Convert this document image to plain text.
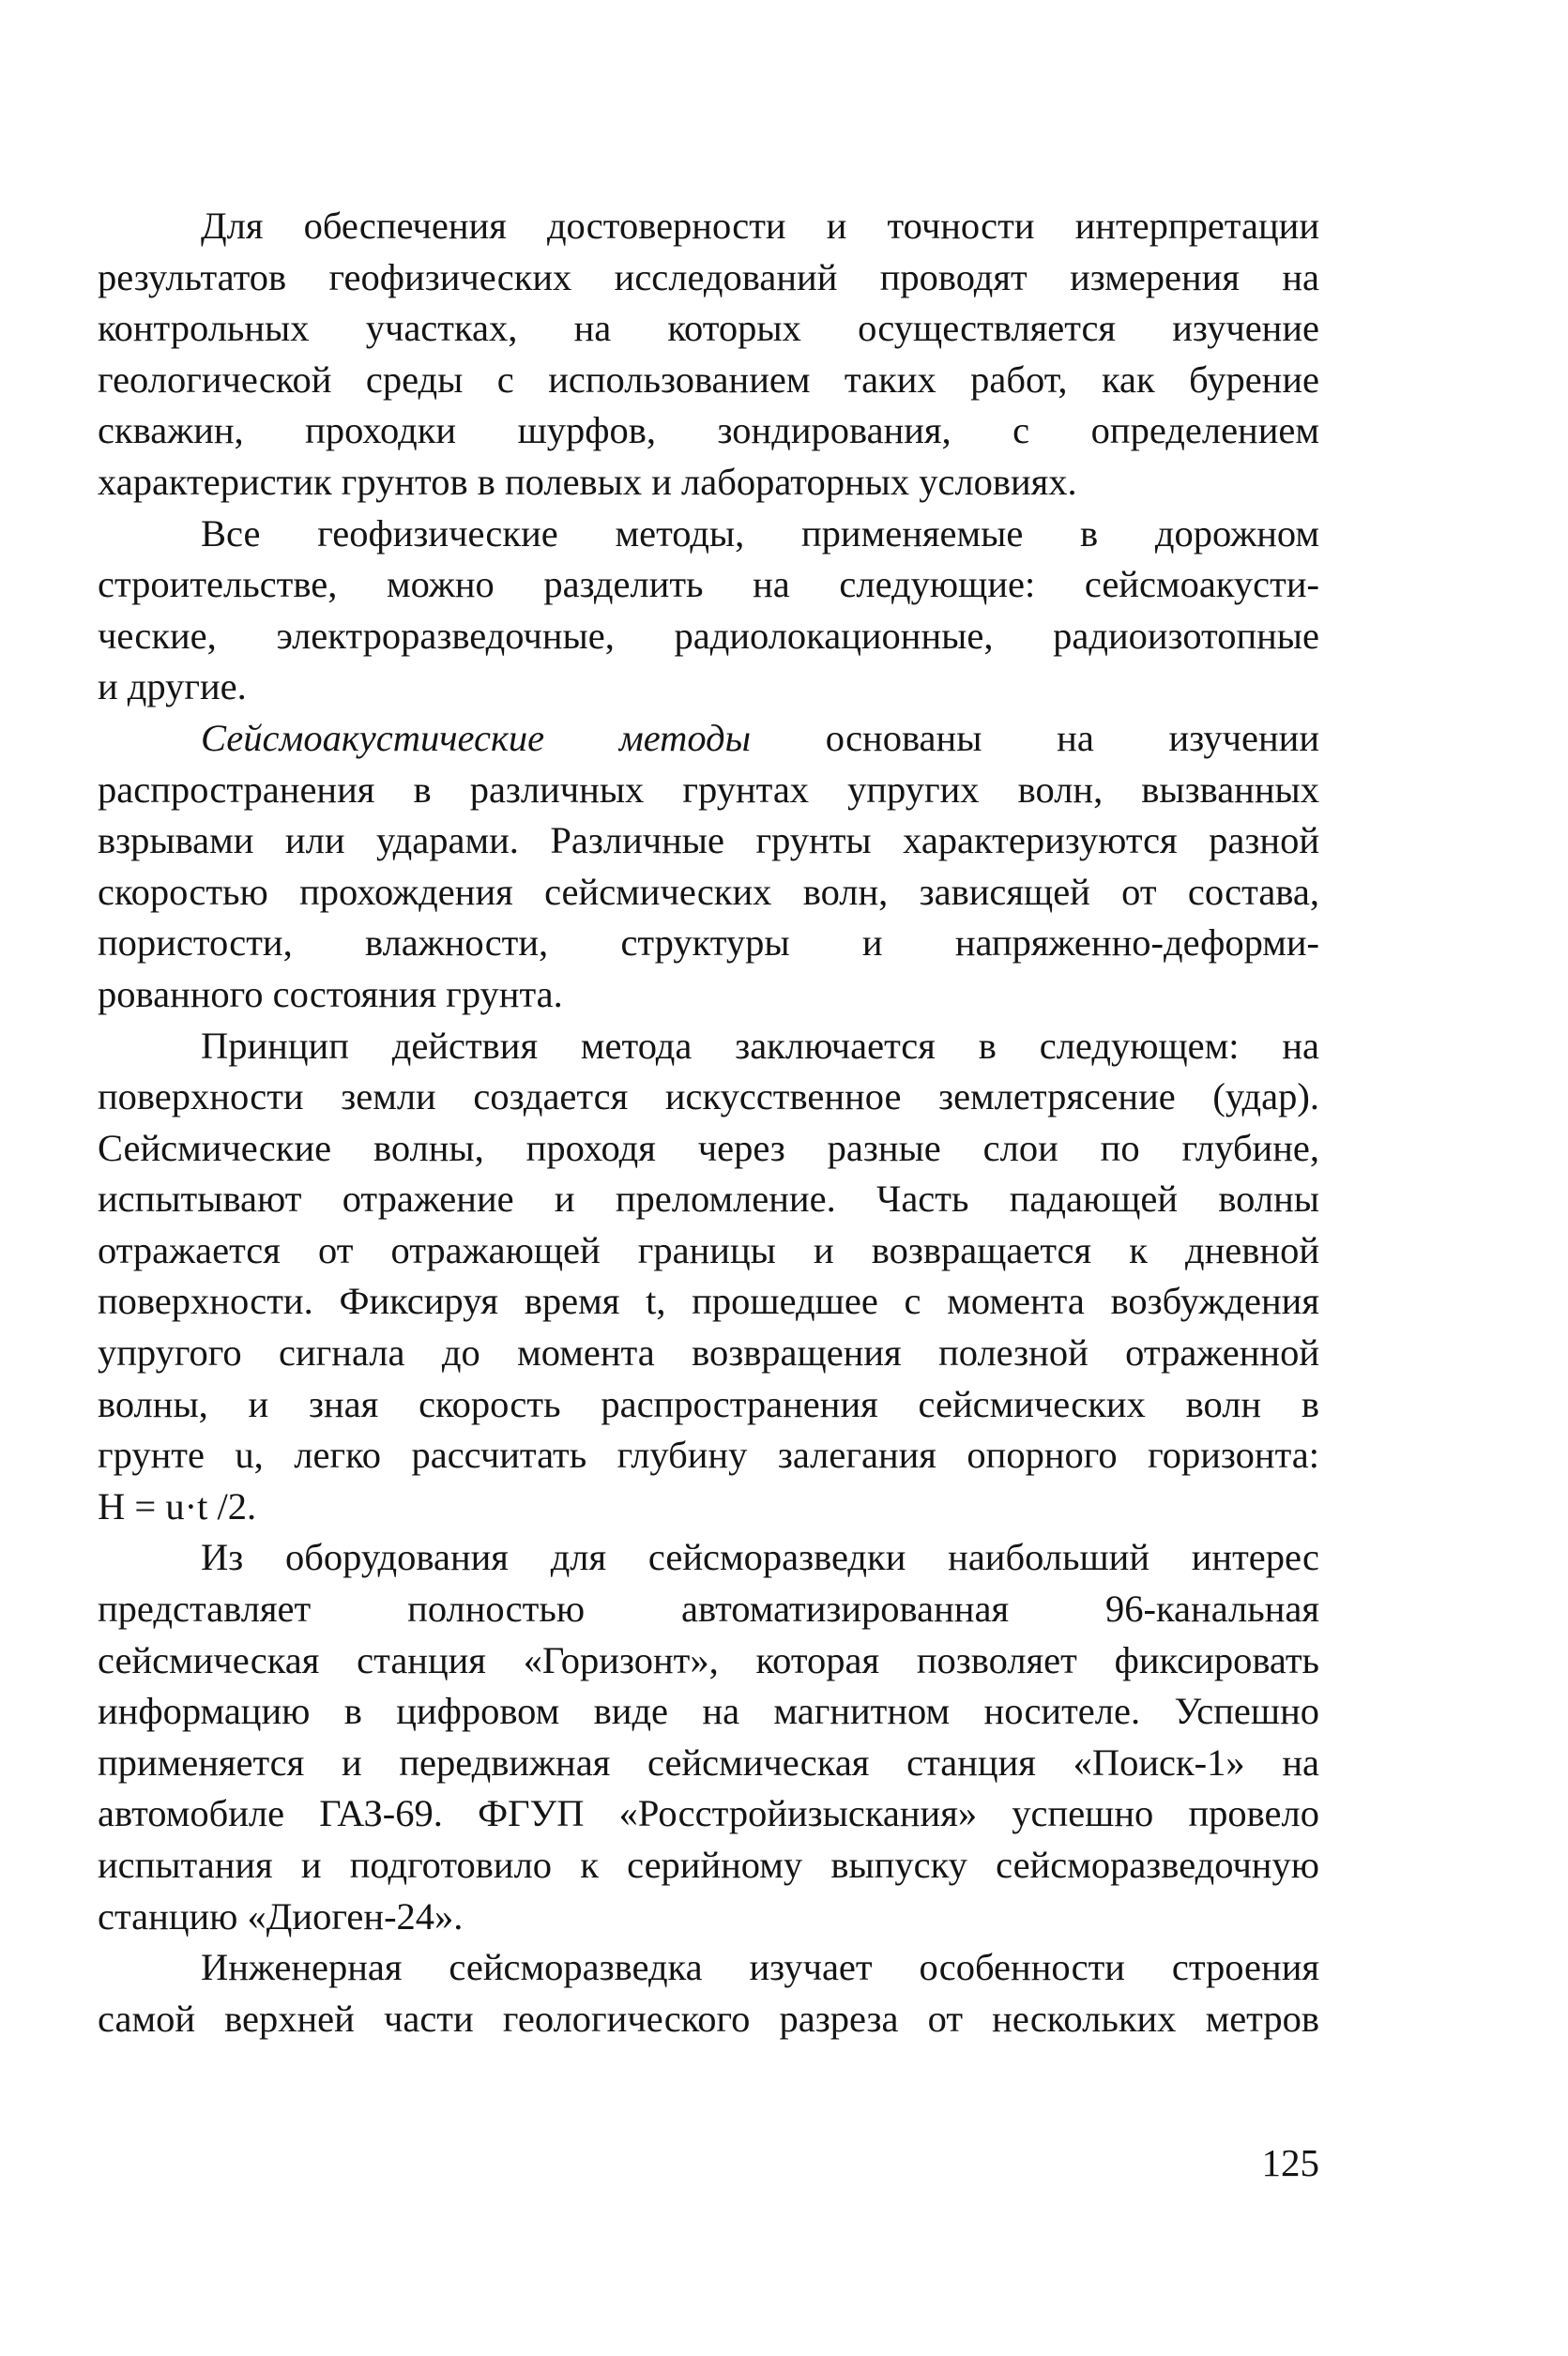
Для обеспечения достоверности и точности интерпретации
результатов геофизических исследований проводят измерения на
контрольных участках, на которых осуществляется изучение
геологической среды с использованием таких работ, как бурение
скважин, проходки шурфов, зондирования, с определением
характеристик грунтов в полевых и лабораторных условиях.

Все геофизические методы, применяемые в дорожном
строительстве, можно разделить на следующие: сейсмоакусти-
ческие, электроразведочные, радиолокационные, радиоизотопные
и другие.

Сейсмоакустические методы основаны на изучении
распространения в различных грунтах упругих волн, вызванных
взрывами или ударами. Различные грунты характеризуются разной
скоростью прохождения сейсмических волн, зависящей от состава,
пористости, влажности, структуры и напряженно-деформи-
рованного состояния грунта.

Принцип действия метода заключается в следующем: на
поверхности земли создается искусственное землетрясение (удар).
Сейсмические волны, проходя через разные слои по глубине,
испытывают отражение и преломление. Часть падающей волны
отражается от отражающей границы и возвращается к дневной
поверхности. Фиксируя время t, прошедшее с момента возбуждения
упругого сигнала до момента возвращения полезной отраженной
волны, и зная скорость распространения сейсмических волн в
грунте u, легко рассчитать глубину залегания опорного горизонта:
H = u·t /2.

Из оборудования для сейсморазведки наибольший интерес
представляет полностью автоматизированная 96-канальная
сейсмическая станция «Горизонт», которая позволяет фиксировать
информацию в цифровом виде на магнитном носителе. Успешно
применяется и передвижная сейсмическая станция «Поиск-1» на
автомобиле ГАЗ-69. ФГУП «Росстройизыскания» успешно провело
испытания и подготовило к серийному выпуску сейсморазведочную
станцию «Диоген-24».

Инженерная сейсморазведка изучает особенности строения
самой верхней части геологического разреза от нескольких метров

125
